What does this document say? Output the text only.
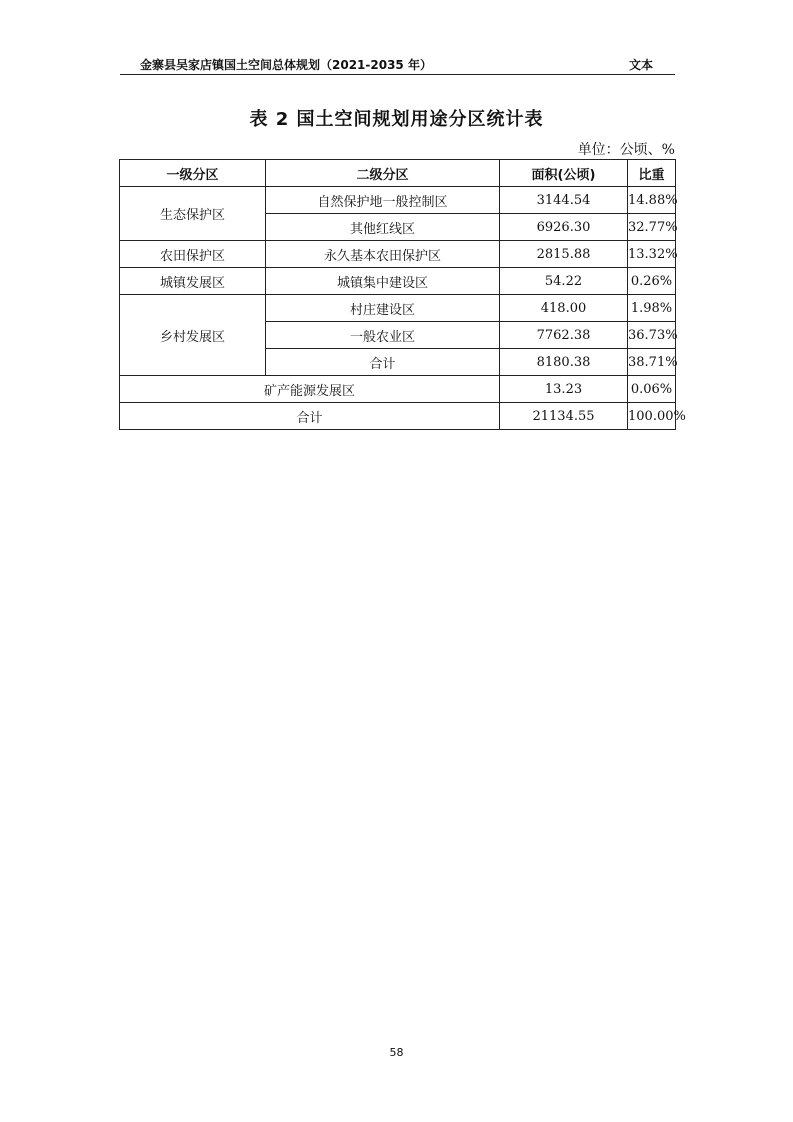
金寨县吴家店镇国土空间总体规划（2021-2035 年）	文本
表 2 国土空间规划用途分区统计表
单位：公顷、%
一级分区	二级分区	面积(公顷)	比重
生态保护区	自然保护地一般控制区	3144.54	14.88%
	其他红线区	6926.30	32.77%
农田保护区	永久基本农田保护区	2815.88	13.32%
城镇发展区	城镇集中建设区	54.22	0.26%
乡村发展区	村庄建设区	418.00	1.98%
	一般农业区	7762.38	36.73%
	合计	8180.38	38.71%
矿产能源发展区		13.23	0.06%
合计		21134.55	100.00%
58
